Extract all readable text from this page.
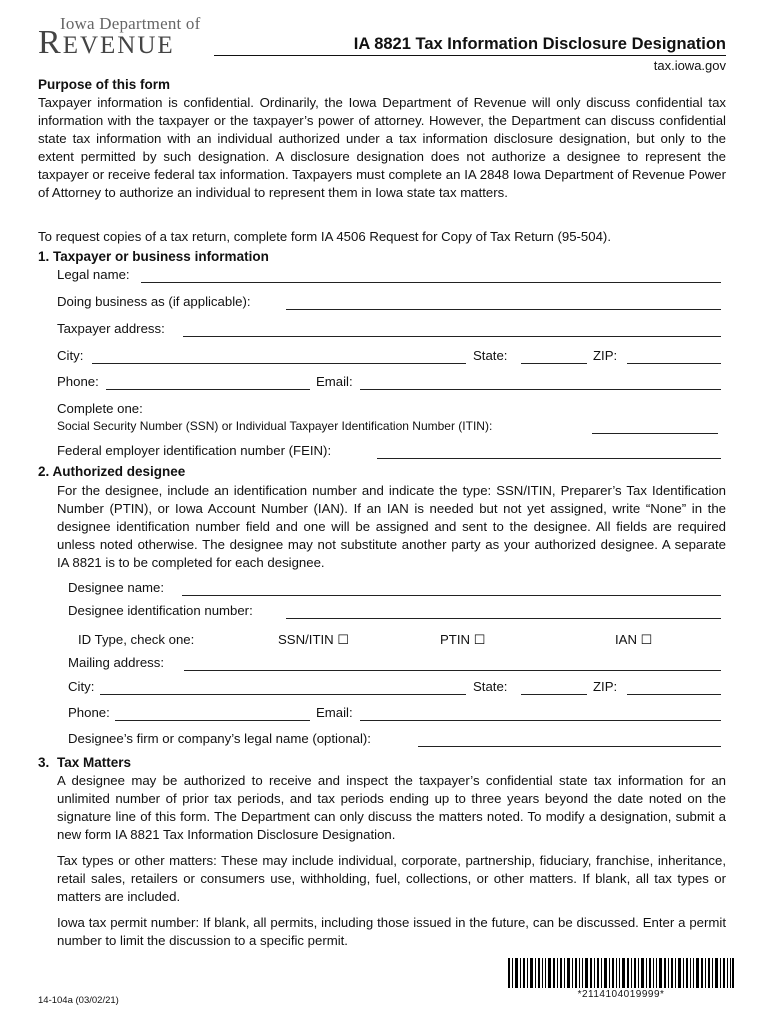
Iowa Department of
REVENUE	IA 8821 Tax Information Disclosure Designation
tax.iowa.gov
Purpose of this form
Taxpayer information is confidential. Ordinarily, the Iowa Department of Revenue will only discuss confidential tax information with the taxpayer or the taxpayer’s power of attorney. However, the Department can discuss confidential state tax information with an individual authorized under a tax information disclosure designation, but only to the extent permitted by such designation. A disclosure designation does not authorize a designee to represent the taxpayer or receive federal tax information. Taxpayers must complete an IA 2848 Iowa Department of Revenue Power of Attorney to authorize an individual to represent them in Iowa state tax matters.
To request copies of a tax return, complete form IA 4506 Request for Copy of Tax Return (95-504).
1. Taxpayer or business information
Legal name:
Doing business as (if applicable):
Taxpayer address:
City:	State:	ZIP:
Phone:	Email:
Complete one:
Social Security Number (SSN) or Individual Taxpayer Identification Number (ITIN):
Federal employer identification number (FEIN):
2. Authorized designee
For the designee, include an identification number and indicate the type: SSN/ITIN, Preparer’s Tax Identification Number (PTIN), or Iowa Account Number (IAN). If an IAN is needed but not yet assigned, write “None” in the designee identification number field and one will be assigned and sent to the designee. All fields are required unless noted otherwise. The designee may not substitute another party as your authorized designee. A separate IA 8821 is to be completed for each designee.
Designee name:
Designee identification number:
ID Type, check one:	SSN/ITIN ☐	PTIN ☐	IAN ☐
Mailing address:
City:	State:	ZIP:
Phone:	Email:
Designee’s firm or company’s legal name (optional):
3. Tax Matters
A designee may be authorized to receive and inspect the taxpayer’s confidential state tax information for an unlimited number of prior tax periods, and tax periods ending up to three years beyond the date noted on the signature line of this form. The Department can only discuss the matters noted. To modify a designation, submit a new form IA 8821 Tax Information Disclosure Designation.
Tax types or other matters: These may include individual, corporate, partnership, fiduciary, franchise, inheritance, retail sales, retailers or consumers use, withholding, fuel, collections, or other matters. If blank, all tax types or matters are included.
Iowa tax permit number: If blank, all permits, including those issued in the future, can be discussed. Enter a permit number to limit the discussion to a specific permit.
*2114104019999*
14-104a (03/02/21)
